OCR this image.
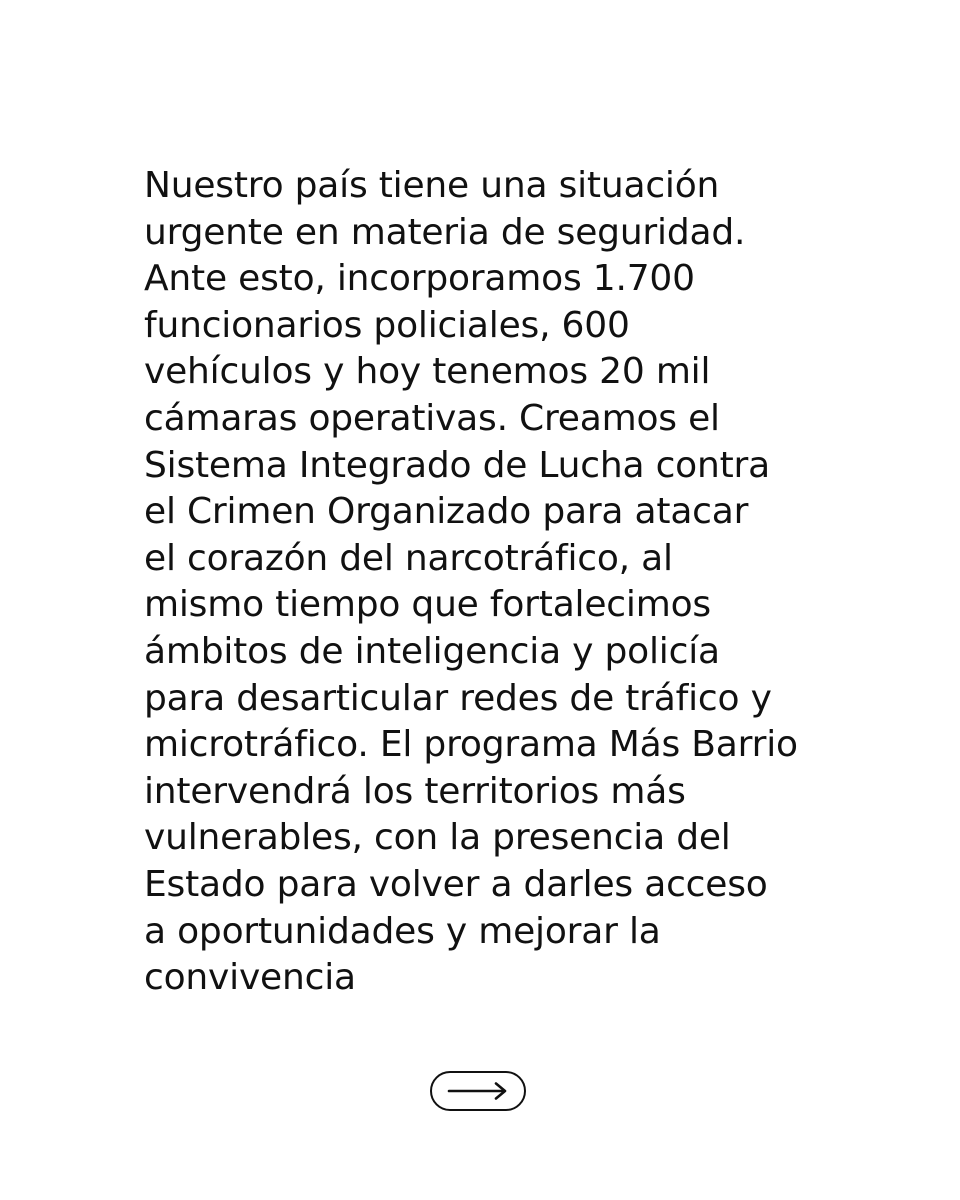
Nuestro país tiene una situación
urgente en materia de seguridad.
Ante esto, incorporamos 1.700
funcionarios policiales, 600
vehículos y hoy tenemos 20 mil
cámaras operativas. Creamos el
Sistema Integrado de Lucha contra
el Crimen Organizado para atacar
el corazón del narcotráfico, al
mismo tiempo que fortalecimos
ámbitos de inteligencia y policía
para desarticular redes de tráfico y
microtráfico. El programa Más Barrio
intervendrá los territorios más
vulnerables, con la presencia del
Estado para volver a darles acceso
a oportunidades y mejorar la
convivencia
